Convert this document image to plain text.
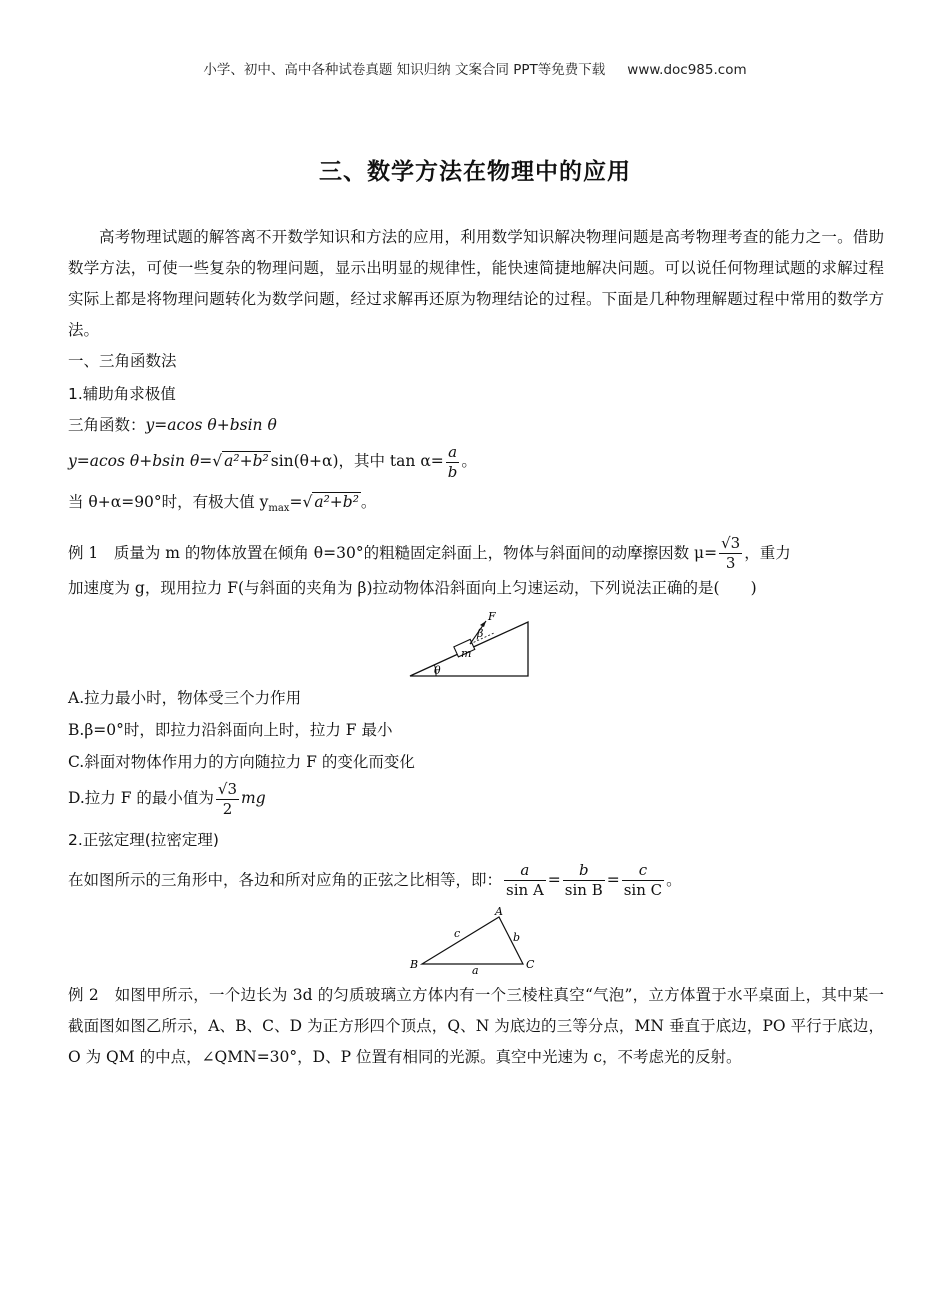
小学、初中、高中各种试卷真题 知识归纳 文案合同 PPT等免费下载 www.doc985.com
三、数学方法在物理中的应用

高考物理试题的解答离不开数学知识和方法的应用，利用数学知识解决物理问题是高考物理考查的能力之一。借助数学方法，可使一些复杂的物理问题，显示出明显的规律性，能快速简捷地解决问题。可以说任何物理试题的求解过程实际上都是将物理问题转化为数学问题，经过求解再还原为物理结论的过程。下面是几种物理解题过程中常用的数学方法。

一、三角函数法

1.辅助角求极值

三角函数：y=acos θ+bsin θ

y=acos θ+bsin θ=√ a²+b² sin(θ+α)，其中 $\tan \alpha= \frac{a}{b}$ 。

当 θ+α=90°时，有极大值 $y_{max}=√$ a²+b² 。

例 1　 质量为 m 的物体放置在倾角 θ=30°的粗糙固定斜面上，物体与斜面间的动摩擦因数 $\mu= \frac{√3}{3}$ ，重力

加速度为 g，现用拉力 F(与斜面的夹角为 β)拉动物体沿斜面向上匀速运动，下列说法正确的是(　　)

θ
m
F
β

A.拉力最小时，物体受三个力作用

B.β=0°时，即拉力沿斜面向上时，拉力 F 最小

C.斜面对物体作用力的方向随拉力 F 的变化而变化

D.拉力 F 的最小值为 $\frac{√3}{2}$ mg

2.正弦定理(拉密定理)

在如图所示的三角形中，各边和所对应角的正弦之比相等，即： $\frac{a}{\text{sin A}} = \frac{b}{\text{sin B}} = \frac{c}{\text{sin C}}$ 。

A
B	C
a
b
c

例 2　 如图甲所示，一个边长为 3d 的匀质玻璃立方体内有一个三棱柱真空“气泡”，立方体置于水平桌面上，其中某一截面图如图乙所示，A、B、C、D 为正方形四个顶点，Q、N 为底边的三等分点，MN 垂直于底边，PO 平行于底边，O 为 QM 的中点，∠QMN=30°，D、P 位置有相同的光源。真空中光速为 c，不考虑光的反射。
